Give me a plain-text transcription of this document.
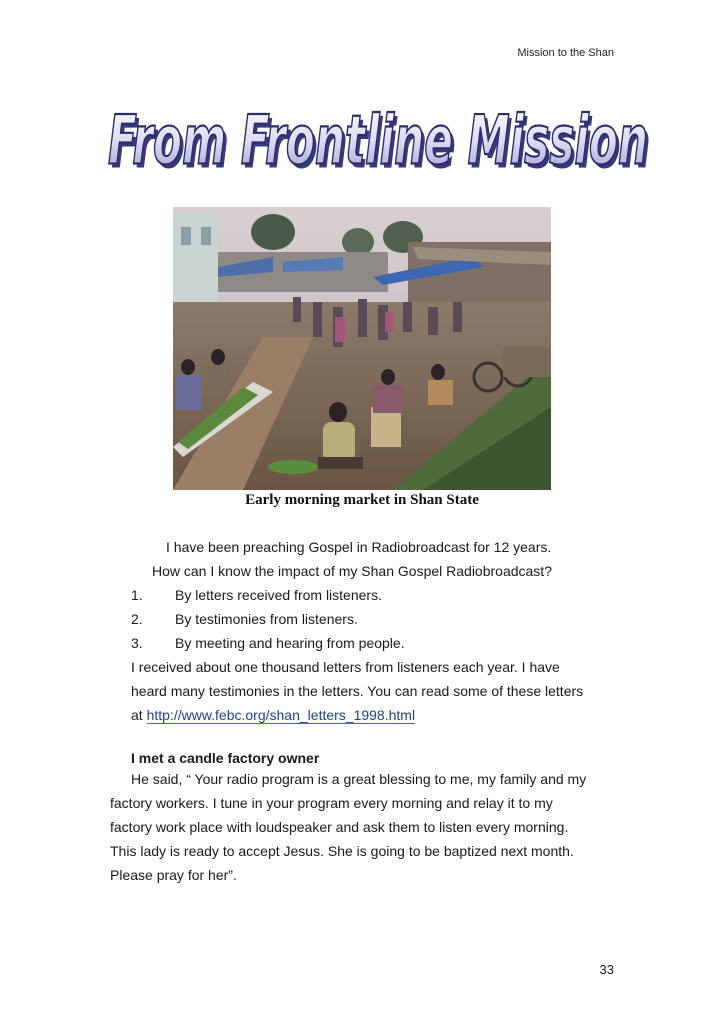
Mission to the Shan
From Frontline Mission
From Frontline Mission
Early morning market in Shan State
I have been preaching Gospel in Radiobroadcast for 12 years.
How can I know the impact of my Shan Gospel Radiobroadcast?
1. By letters received from listeners.
2. By testimonies from listeners.
3. By meeting and hearing from people.
I received about one thousand letters from listeners each year. I have
heard many testimonies in the letters. You can read some of these letters
at http://www.febc.org/shan_letters_1998.html
I met a candle factory owner
He said, “ Your radio program is a great blessing to me, my family and my
factory workers. I tune in your program every morning and relay it to my
factory work place with loudspeaker and ask them to listen every morning.
This lady is ready to accept Jesus. She is going to be baptized next month.
Please pray for her”.
33
